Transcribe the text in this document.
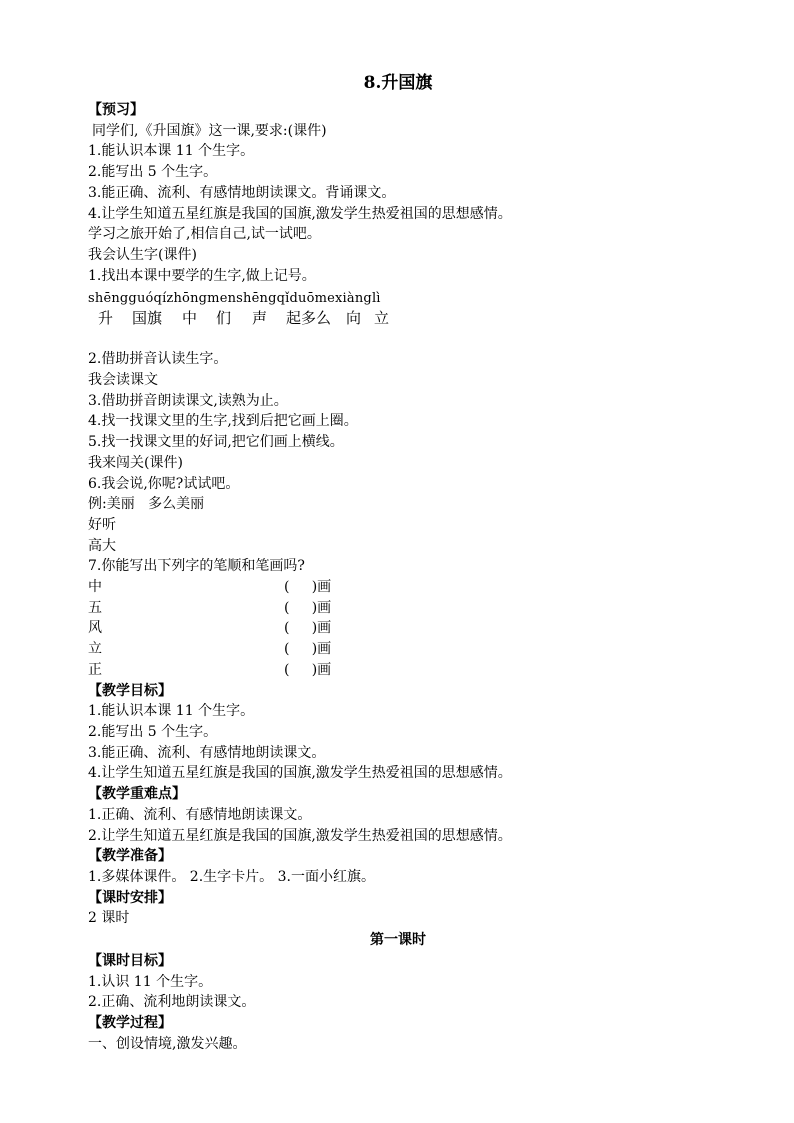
8.升国旗
【预习】
同学们,《升国旗》这一课,要求:(课件)
1.能认识本课 11 个生字。
2.能写出 5 个生字。
3.能正确、流利、有感情地朗读课文。背诵课文。
4.让学生知道五星红旗是我国的国旗,激发学生热爱祖国的思想感情。
学习之旅开始了,相信自己,试一试吧。
我会认生字(课件)
1.找出本课中要学的生字,做上记号。
shēngguóqízhōngmenshēngqǐduōmexiànglì
升 国旗 中 们 声 起多么 向 立
2.借助拼音认读生字。
我会读课文
3.借助拼音朗读课文,读熟为止。
4.找一找课文里的生字,找到后把它画上圈。
5.找一找课文里的好词,把它们画上横线。
我来闯关(课件)
6.我会说,你呢?试试吧。
例:美丽   多么美丽
好听
高大
7.你能写出下列字的笔顺和笔画吗?
中	(     )画
五	(     )画
风	(     )画
立	(     )画
正	(     )画
【教学目标】
1.能认识本课 11 个生字。
2.能写出 5 个生字。
3.能正确、流利、有感情地朗读课文。
4.让学生知道五星红旗是我国的国旗,激发学生热爱祖国的思想感情。
【教学重难点】
1.正确、流利、有感情地朗读课文。
2.让学生知道五星红旗是我国的国旗,激发学生热爱祖国的思想感情。
【教学准备】
1.多媒体课件。 2.生字卡片。 3.一面小红旗。
【课时安排】
2 课时
第一课时
【课时目标】
1.认识 11 个生字。
2.正确、流利地朗读课文。
【教学过程】
一、创设情境,激发兴趣。
